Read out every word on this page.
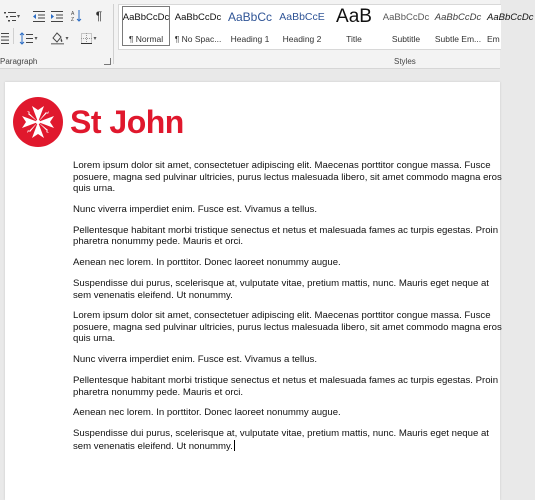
▾	A
Z ¶
▾	▾	▾
Paragraph
AaBbCcDc
¶ Normal
AaBbCcDc
¶ No Spac...
AaBbCc
Heading 1
AaBbCcE
Heading 2
AaB
Title
AaBbCcDc
Subtitle
AaBbCcDc
Subtle Em...
AaBbCcDc
Em
Styles
St John

Lorem ipsum dolor sit amet, consectetuer adipiscing elit. Maecenas porttitor congue massa. Fusce posuere, magna sed pulvinar ultricies, purus lectus malesuada libero, sit amet commodo magna eros quis urna.

Nunc viverra imperdiet enim. Fusce est. Vivamus a tellus.

Pellentesque habitant morbi tristique senectus et netus et malesuada fames ac turpis egestas. Proin pharetra nonummy pede. Mauris et orci.

Aenean nec lorem. In porttitor. Donec laoreet nonummy augue.

Suspendisse dui purus, scelerisque at, vulputate vitae, pretium mattis, nunc. Mauris eget neque at sem venenatis eleifend. Ut nonummy.

Lorem ipsum dolor sit amet, consectetuer adipiscing elit. Maecenas porttitor congue massa. Fusce posuere, magna sed pulvinar ultricies, purus lectus malesuada libero, sit amet commodo magna eros quis urna.

Nunc viverra imperdiet enim. Fusce est. Vivamus a tellus.

Pellentesque habitant morbi tristique senectus et netus et malesuada fames ac turpis egestas. Proin pharetra nonummy pede. Mauris et orci.

Aenean nec lorem. In porttitor. Donec laoreet nonummy augue.

Suspendisse dui purus, scelerisque at, vulputate vitae, pretium mattis, nunc. Mauris eget neque at sem venenatis eleifend. Ut nonummy.
